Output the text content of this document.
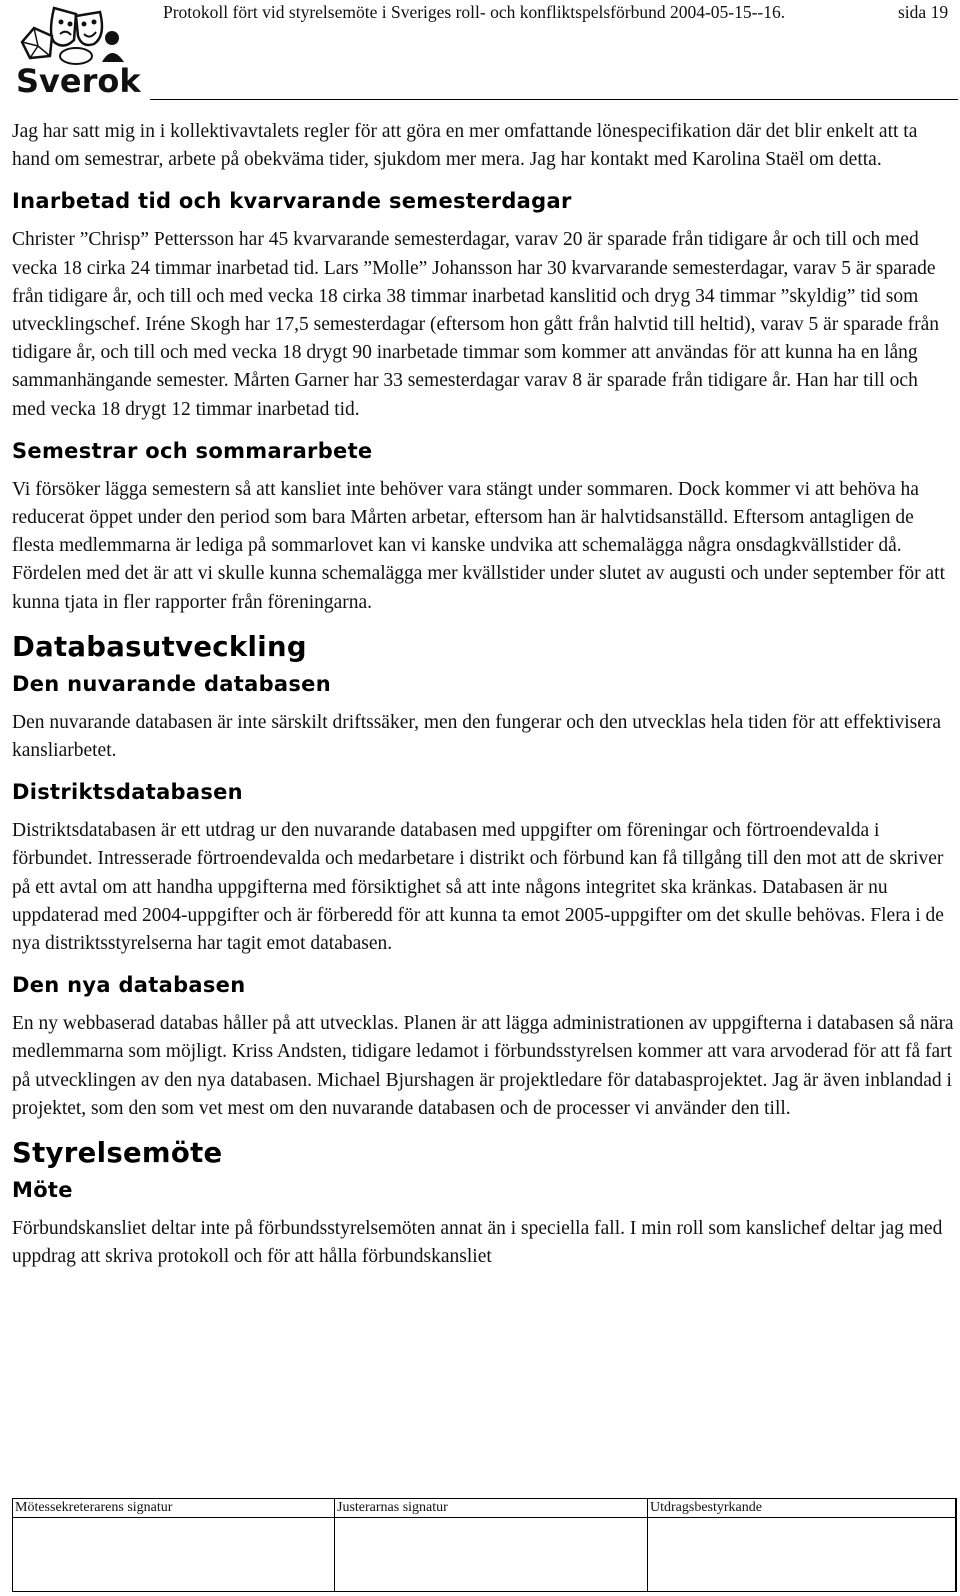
Sverok
Protokoll fört vid styrelsemöte i Sveriges roll- och konfliktspelsförbund 2004-05-15--16.	sida 19

Jag har satt mig in i kollektivavtalets regler för att göra en mer omfattande lönespecifikation där det blir enkelt att ta hand om semestrar, arbete på obekväma tider, sjukdom mer mera. Jag har kontakt med Karolina Staël om detta.

Inarbetad tid och kvarvarande semesterdagar

Christer ”Chrisp” Pettersson har 45 kvarvarande semesterdagar, varav 20 är sparade från tidigare år och till och med vecka 18 cirka 24 timmar inarbetad tid. Lars ”Molle” Johansson har 30 kvarvarande semesterdagar, varav 5 är sparade från tidigare år, och till och med vecka 18 cirka 38 timmar inarbetad kanslitid och dryg 34 timmar ”skyldig” tid som utvecklingschef. Iréne Skogh har 17,5 semesterdagar (eftersom hon gått från halvtid till heltid), varav 5 är sparade från tidigare år, och till och med vecka 18 drygt 90 inarbetade timmar som kommer att användas för att kunna ha en lång sammanhängande semester. Mårten Garner har 33 semesterdagar varav 8 är sparade från tidigare år. Han har till och med vecka 18 drygt 12 timmar inarbetad tid.

Semestrar och sommararbete

Vi försöker lägga semestern så att kansliet inte behöver vara stängt under sommaren. Dock kommer vi att behöva ha reducerat öppet under den period som bara Mårten arbetar, eftersom han är halvtidsanställd. Eftersom antagligen de flesta medlemmarna är lediga på sommarlovet kan vi kanske undvika att schemalägga några onsdagkvällstider då. Fördelen med det är att vi skulle kunna schemalägga mer kvällstider under slutet av augusti och under september för att kunna tjata in fler rapporter från föreningarna.

Databasutveckling
Den nuvarande databasen

Den nuvarande databasen är inte särskilt driftssäker, men den fungerar och den utvecklas hela tiden för att effektivisera kansliarbetet.

Distriktsdatabasen

Distriktsdatabasen är ett utdrag ur den nuvarande databasen med uppgifter om föreningar och förtroendevalda i förbundet. Intresserade förtroendevalda och medarbetare i distrikt och förbund kan få tillgång till den mot att de skriver på ett avtal om att handha uppgifterna med försiktighet så att inte någons integritet ska kränkas. Databasen är nu uppdaterad med 2004-uppgifter och är förberedd för att kunna ta emot 2005-uppgifter om det skulle behövas. Flera i de nya distriktsstyrelserna har tagit emot databasen.

Den nya databasen

En ny webbaserad databas håller på att utvecklas. Planen är att lägga administrationen av uppgifterna i databasen så nära medlemmarna som möjligt. Kriss Andsten, tidigare ledamot i förbundsstyrelsen kommer att vara arvoderad för att få fart på utvecklingen av den nya databasen. Michael Bjurshagen är projektledare för databasprojektet. Jag är även inblandad i projektet, som den som vet mest om den nuvarande databasen och de processer vi använder den till.

Styrelsemöte
Möte

Förbundskansliet deltar inte på förbundsstyrelsemöten annat än i speciella fall. I min roll som kanslichef deltar jag med uppdrag att skriva protokoll och för att hålla förbundskansliet

Mötessekreterarens signatur	Justerarnas signatur	Utdragsbestyrkande
